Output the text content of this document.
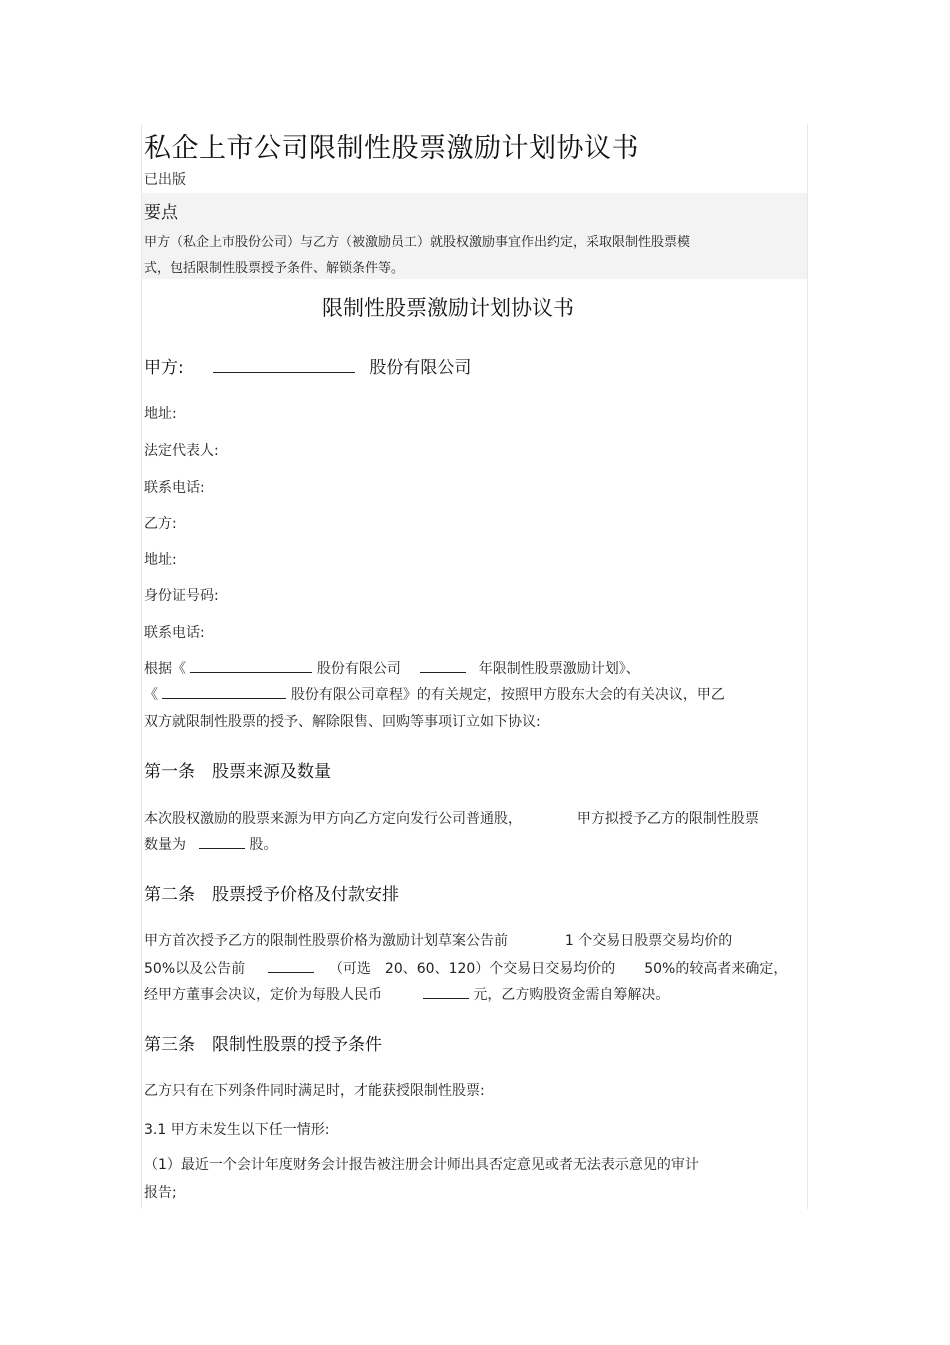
私企上市公司限制性股票激励计划协议书
已出版
要点
甲方（私企上市股份公司）与乙方（被激励员工）就股权激励事宜作出约定，采取限制性股票模
式，包括限制性股票授予条件、解锁条件等。
限制性股票激励计划协议书
甲方:	股份有限公司
地址:
法定代表人:
联系电话:
乙方:
地址:
身份证号码:
联系电话:
根据《	股份有限公司	年限制性股票激励计划》、
《	股份有限公司章程》的有关规定，按照甲方股东大会的有关决议，甲乙
双方就限制性股票的授予、解除限售、回购等事项订立如下协议:
第一条　股票来源及数量
本次股权激励的股票来源为甲方向乙方定向发行公司普通股，	甲方拟授予乙方的限制性股票
数量为	股。
第二条　股票授予价格及付款安排
甲方首次授予乙方的限制性股票价格为激励计划草案公告前	1 个交易日股票交易均价的
50%以及公告前	（可选　20、60、120）个交易日交易均价的 50%的较高者来确定，
经甲方董事会决议，定价为每股人民币	元，乙方购股资金需自筹解决。
第三条　限制性股票的授予条件
乙方只有在下列条件同时满足时，才能获授限制性股票:
3.1 甲方未发生以下任一情形:
（1）最近一个会计年度财务会计报告被注册会计师出具否定意见或者无法表示意见的审计
报告;
